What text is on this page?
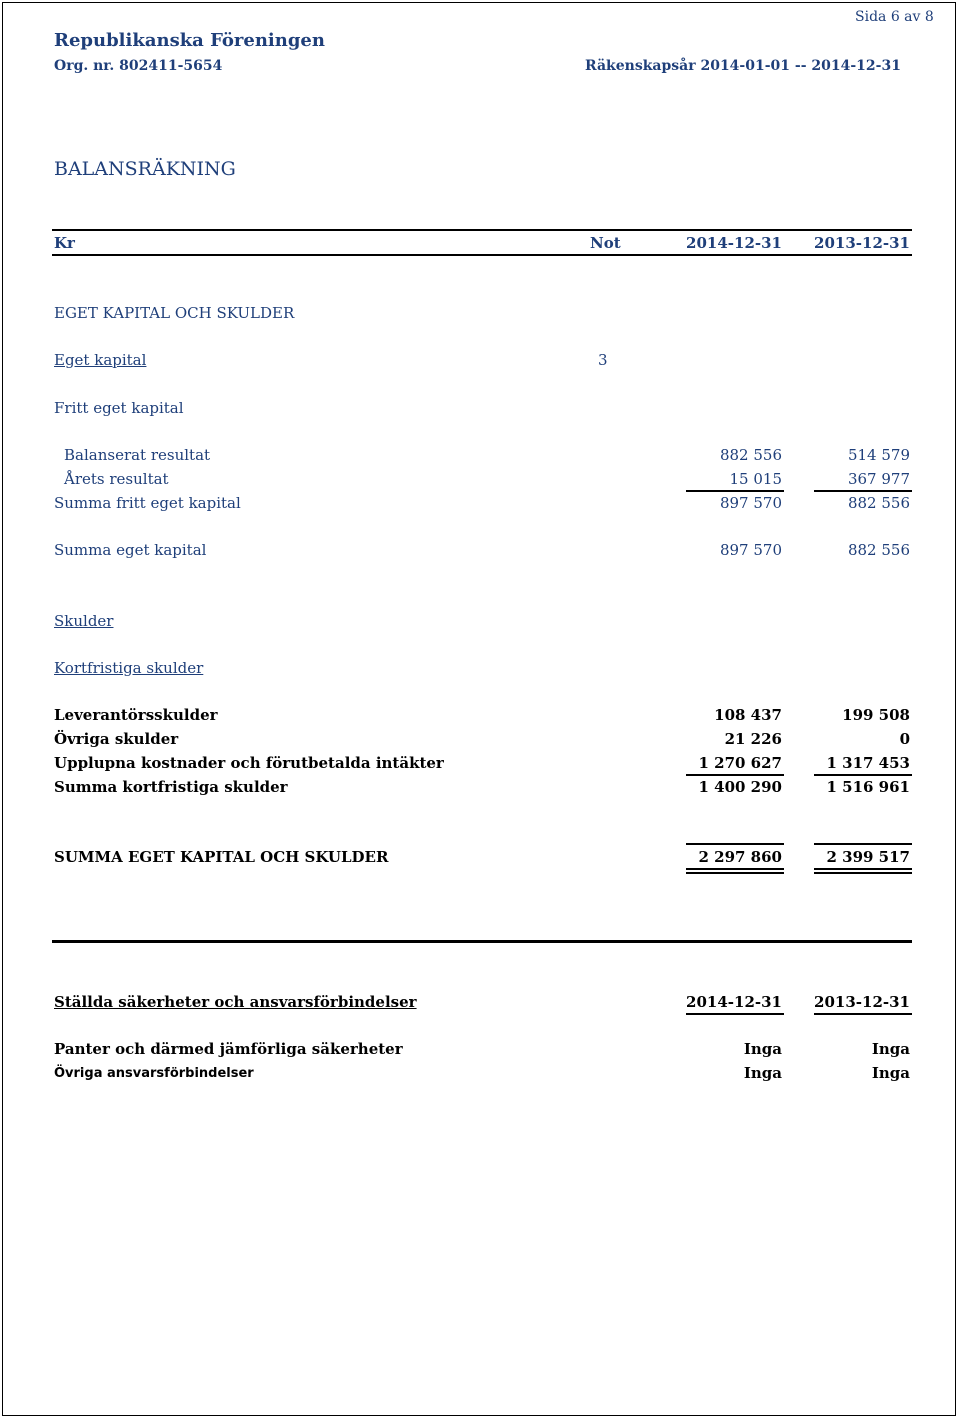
Sida 6 av 8
Republikanska Föreningen
Org. nr. 802411-5654	Räkenskapsår 2014-01-01 -- 2014-12-31
BALANSRÄKNING
Kr	Not	2014-12-31 2013-12-31
EGET KAPITAL OCH SKULDER
Eget kapital	3
Fritt eget kapital
Balanserat resultat	882 556	514 579
Årets resultat	15 015	367 977
Summa fritt eget kapital	897 570	882 556
Summa eget kapital	897 570	882 556
Skulder
Kortfristiga skulder
Leverantörsskulder	108 437	199 508
Övriga skulder	21 226	0
Upplupna kostnader och förutbetalda intäkter	1 270 627	1 317 453
Summa kortfristiga skulder	1 400 290	1 516 961
SUMMA EGET KAPITAL OCH SKULDER	2 297 860	2 399 517
Ställda säkerheter och ansvarsförbindelser	2014-12-31 2013-12-31
Panter och därmed jämförliga säkerheter	Inga	Inga
Övriga ansvarsförbindelser	Inga	Inga
